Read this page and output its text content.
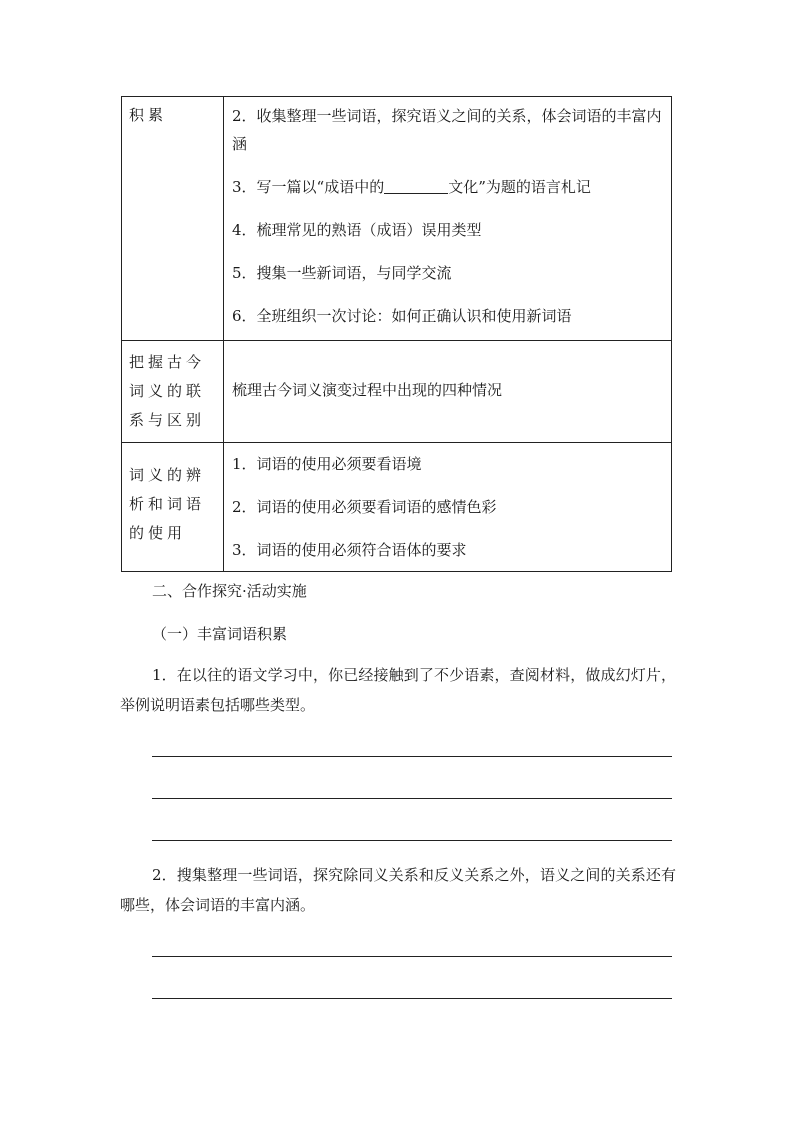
积累	2．收集整理一些词语，探究语义之间的关系，体会词语的丰富内涵
3．写一篇以“成语中的 文化”为题的语言札记
4．梳理常见的熟语（成语）误用类型
5．搜集一些新词语，与同学交流
6．全班组织一次讨论：如何正确认识和使用新词语

把握古今词义的联系与区别	梳理古今词义演变过程中出现的四种情况

词义的辨析和词语的使用	1．词语的使用必须要看语境
2．词语的使用必须要看词语的感情色彩
3．词语的使用必须符合语体的要求
二、合作探究·活动实施
（一）丰富词语积累
1．在以往的语文学习中，你已经接触到了不少语素，查阅材料，做成幻灯片，举例说明语素包括哪些类型。
2．搜集整理一些词语，探究除同义关系和反义关系之外，语义之间的关系还有哪些，体会词语的丰富内涵。
